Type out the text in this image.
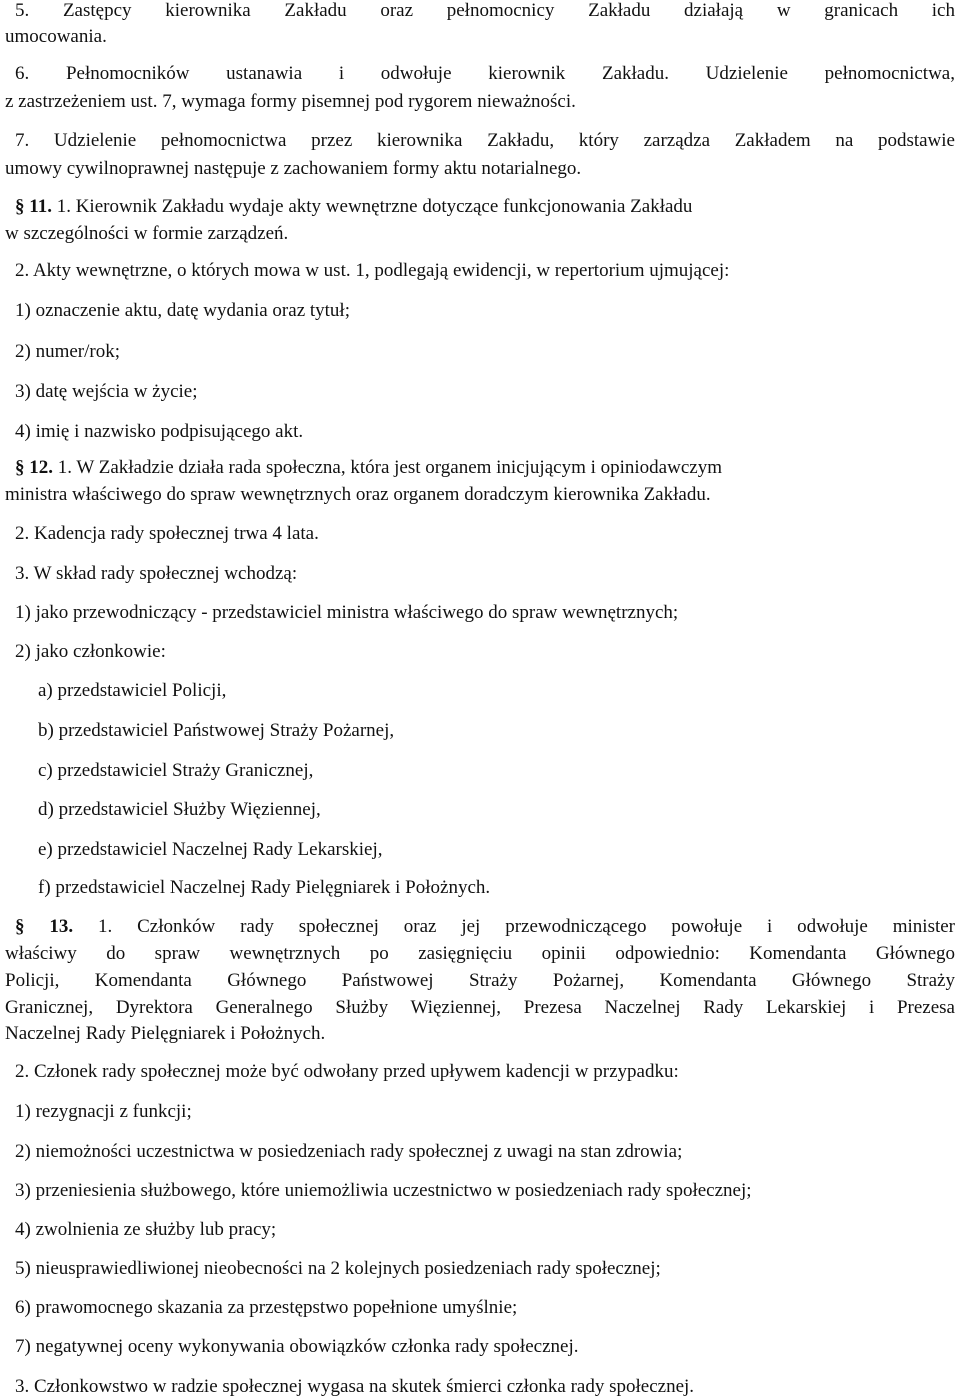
5. Zastępcy kierownika Zakładu oraz pełnomocnicy Zakładu działają w granicach ich
umocowania.
6. Pełnomocników ustanawia i odwołuje kierownik Zakładu. Udzielenie pełnomocnictwa,
z zastrzeżeniem ust. 7, wymaga formy pisemnej pod rygorem nieważności.
7. Udzielenie pełnomocnictwa przez kierownika Zakładu, który zarządza Zakładem na podstawie
umowy cywilnoprawnej następuje z zachowaniem formy aktu notarialnego.
§ 11. 1. Kierownik Zakładu wydaje akty wewnętrzne dotyczące funkcjonowania Zakładu
w szczególności w formie zarządzeń.
2. Akty wewnętrzne, o których mowa w ust. 1, podlegają ewidencji, w repertorium ujmującej:
1) oznaczenie aktu, datę wydania oraz tytuł;
2) numer/rok;
3) datę wejścia w życie;
4) imię i nazwisko podpisującego akt.
§ 12. 1. W Zakładzie działa rada społeczna, która jest organem inicjującym i opiniodawczym
ministra właściwego do spraw wewnętrznych oraz organem doradczym kierownika Zakładu.
2. Kadencja rady społecznej trwa 4 lata.
3. W skład rady społecznej wchodzą:
1) jako przewodniczący - przedstawiciel ministra właściwego do spraw wewnętrznych;
2) jako członkowie:
a) przedstawiciel Policji,
b) przedstawiciel Państwowej Straży Pożarnej,
c) przedstawiciel Straży Granicznej,
d) przedstawiciel Służby Więziennej,
e) przedstawiciel Naczelnej Rady Lekarskiej,
f) przedstawiciel Naczelnej Rady Pielęgniarek i Położnych.
§ 13. 1. Członków rady społecznej oraz jej przewodniczącego powołuje i odwołuje minister
właściwy do spraw wewnętrznych po zasięgnięciu opinii odpowiednio: Komendanta Głównego
Policji, Komendanta Głównego Państwowej Straży Pożarnej, Komendanta Głównego Straży
Granicznej, Dyrektora Generalnego Służby Więziennej, Prezesa Naczelnej Rady Lekarskiej i Prezesa
Naczelnej Rady Pielęgniarek i Położnych.
2. Członek rady społecznej może być odwołany przed upływem kadencji w przypadku:
1) rezygnacji z funkcji;
2) niemożności uczestnictwa w posiedzeniach rady społecznej z uwagi na stan zdrowia;
3) przeniesienia służbowego, które uniemożliwia uczestnictwo w posiedzeniach rady społecznej;
4) zwolnienia ze służby lub pracy;
5) nieusprawiedliwionej nieobecności na 2 kolejnych posiedzeniach rady społecznej;
6) prawomocnego skazania za przestępstwo popełnione umyślnie;
7) negatywnej oceny wykonywania obowiązków członka rady społecznej.
3. Członkowstwo w radzie społecznej wygasa na skutek śmierci członka rady społecznej.
